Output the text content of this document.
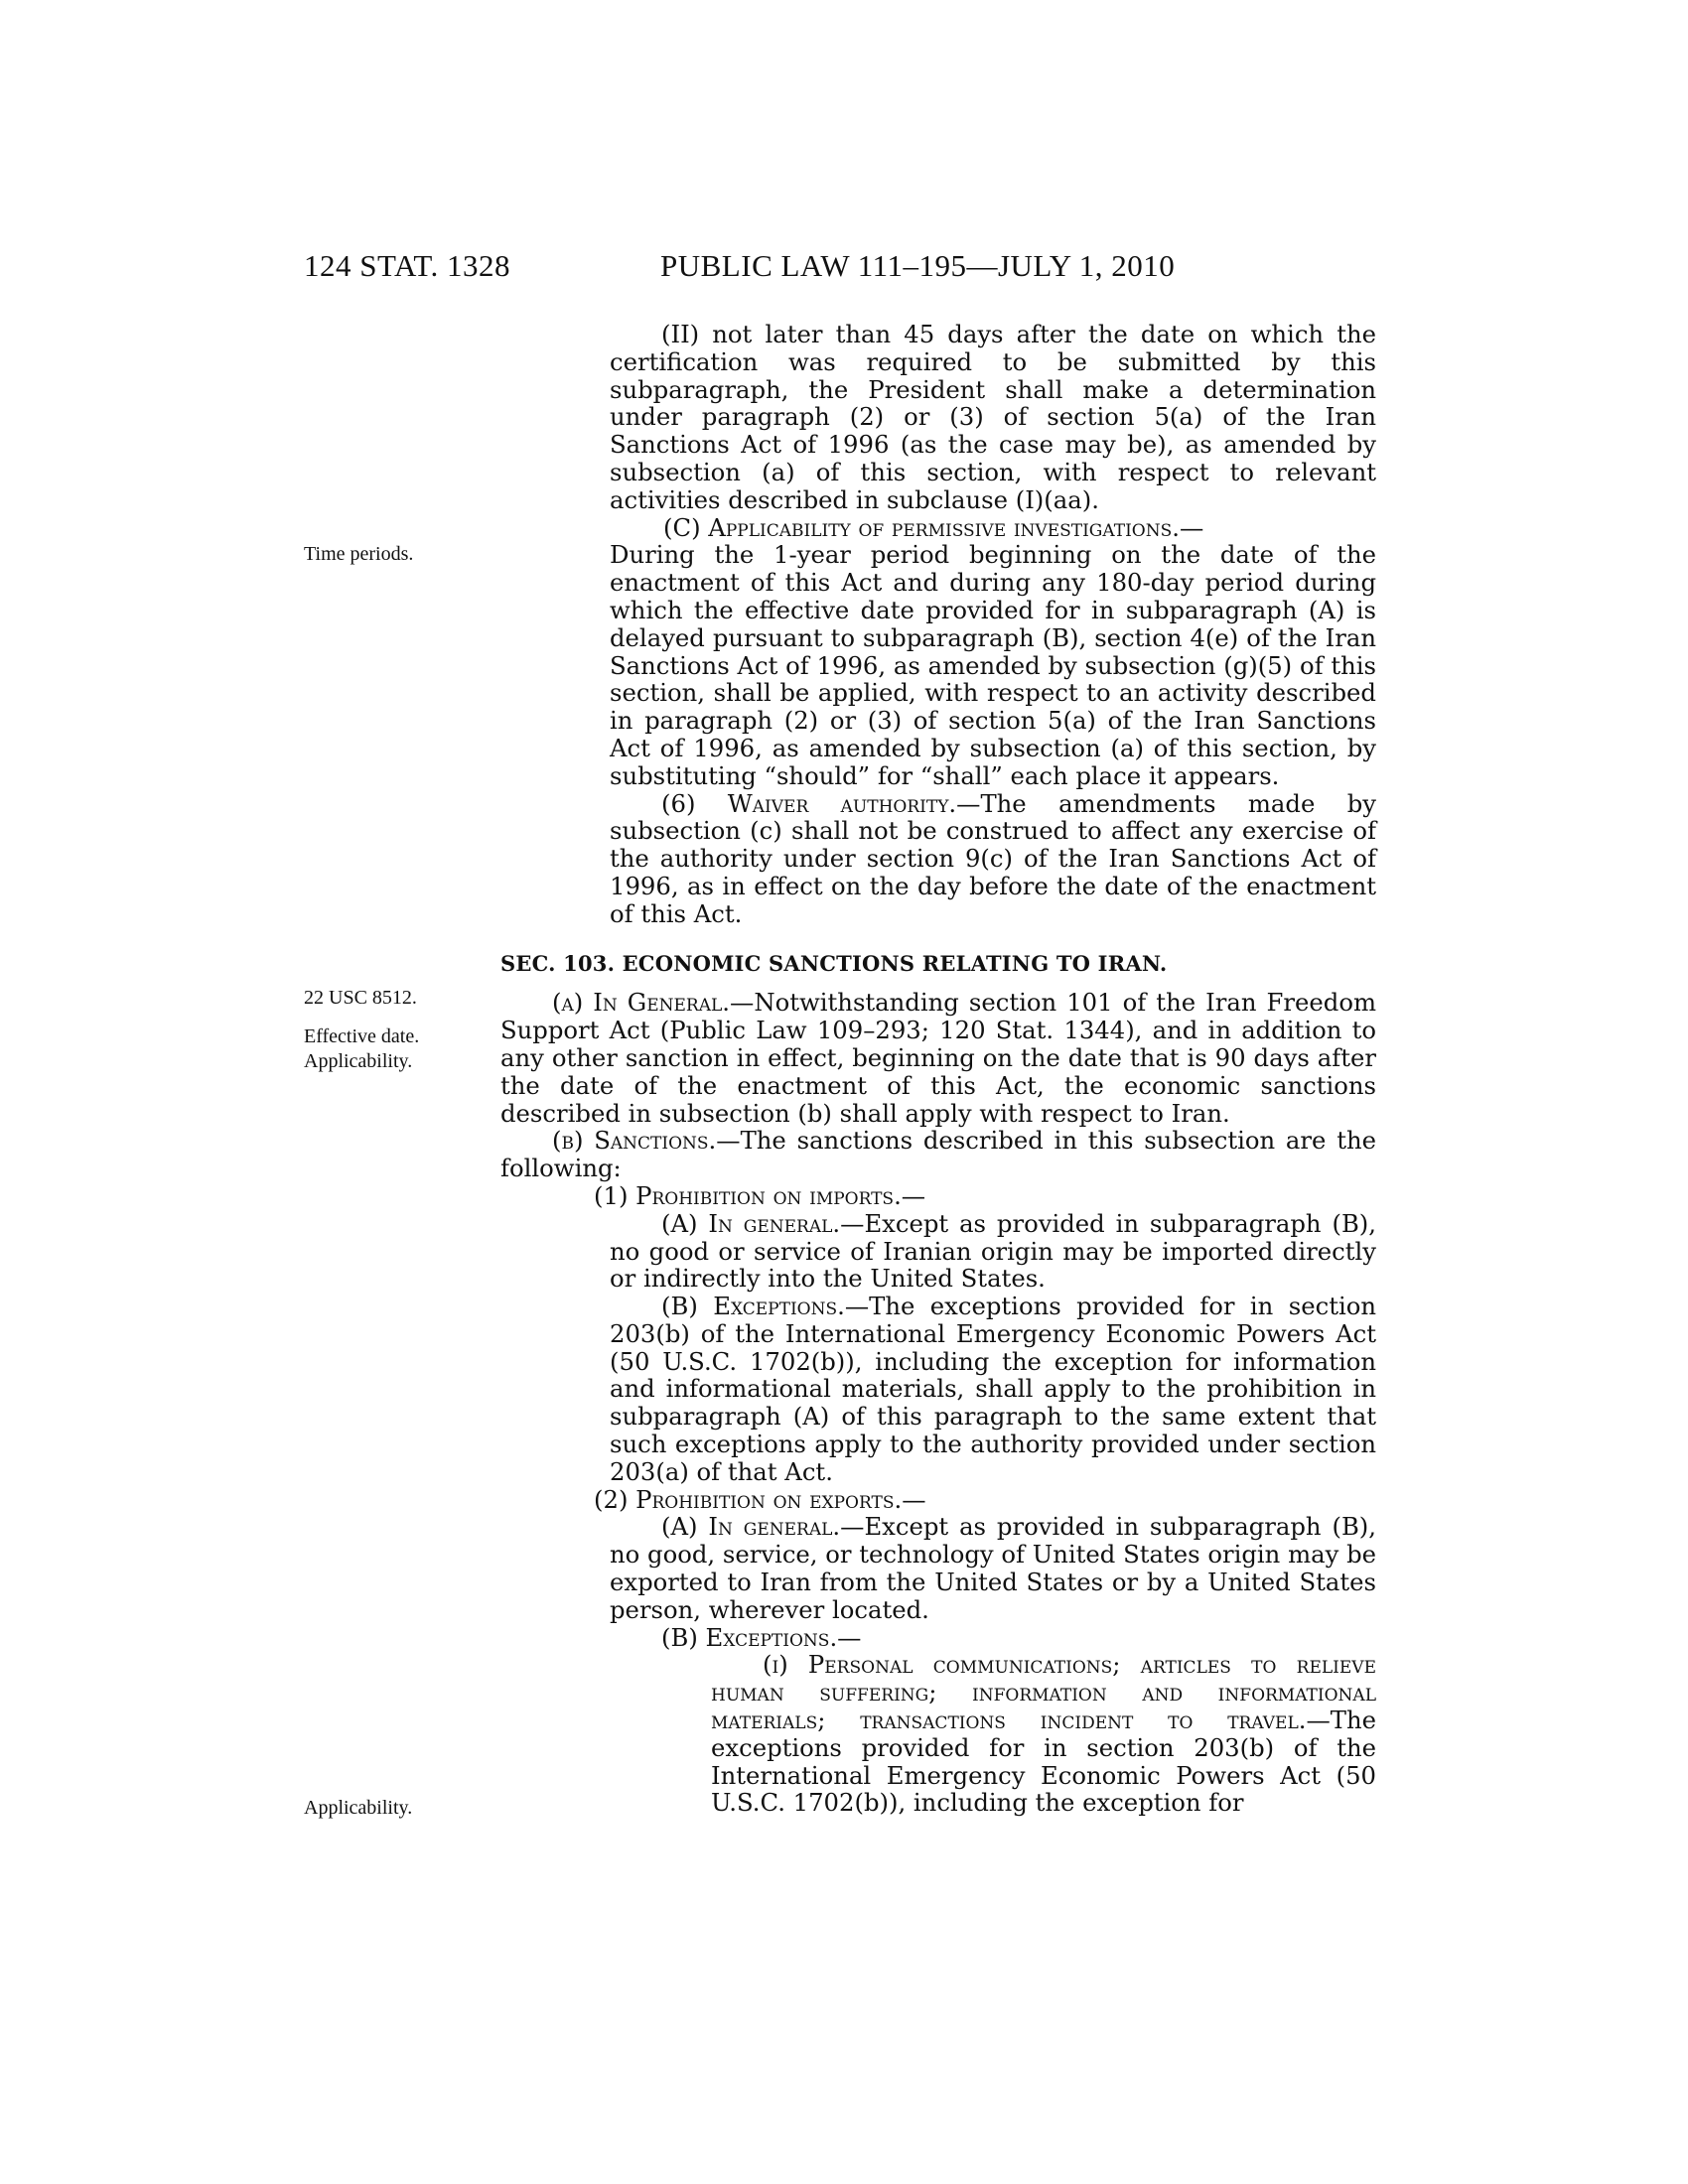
124 STAT. 1328	PUBLIC LAW 111–195—JULY 1, 2010
Time periods.
22 USC 8512.
Effective date.
Applicability.
Applicability.

(II) not later than 45 days after the date on which the certification was required to be submitted by this subparagraph, the President shall make a determination under paragraph (2) or (3) of section 5(a) of the Iran Sanctions Act of 1996 (as the case may be), as amended by subsection (a) of this section, with respect to relevant activities described in subclause (I)(aa).

(C) Applicability of permissive investigations.—
During the 1-year period beginning on the date of the enactment of this Act and during any 180-day period during which the effective date provided for in subparagraph (A) is delayed pursuant to subparagraph (B), section 4(e) of the Iran Sanctions Act of 1996, as amended by subsection (g)(5) of this section, shall be applied, with respect to an activity described in paragraph (2) or (3) of section 5(a) of the Iran Sanctions Act of 1996, as amended by subsection (a) of this section, by substituting “should” for “shall” each place it appears.

(6) Waiver authority.—The amendments made by subsection (c) shall not be construed to affect any exercise of the authority under section 9(c) of the Iran Sanctions Act of 1996, as in effect on the day before the date of the enactment of this Act.

SEC. 103. ECONOMIC SANCTIONS RELATING TO IRAN.

(a) In General.—Notwithstanding section 101 of the Iran Freedom Support Act (Public Law 109–293; 120 Stat. 1344), and in addition to any other sanction in effect, beginning on the date that is 90 days after the date of the enactment of this Act, the economic sanctions described in subsection (b) shall apply with respect to Iran.

(b) Sanctions.—The sanctions described in this subsection are the following:

(1) Prohibition on imports.—

(A) In general.—Except as provided in subparagraph (B), no good or service of Iranian origin may be imported directly or indirectly into the United States.

(B) Exceptions.—The exceptions provided for in section 203(b) of the International Emergency Economic Powers Act (50 U.S.C. 1702(b)), including the exception for information and informational materials, shall apply to the prohibition in subparagraph (A) of this paragraph to the same extent that such exceptions apply to the authority provided under section 203(a) of that Act.

(2) Prohibition on exports.—

(A) In general.—Except as provided in subparagraph (B), no good, service, or technology of United States origin may be exported to Iran from the United States or by a United States person, wherever located.

(B) Exceptions.—

(i) Personal communications; articles to relieve human suffering; information and informational materials; transactions incident to travel.—The exceptions provided for in section 203(b) of the International Emergency Economic Powers Act (50 U.S.C. 1702(b)), including the exception for
